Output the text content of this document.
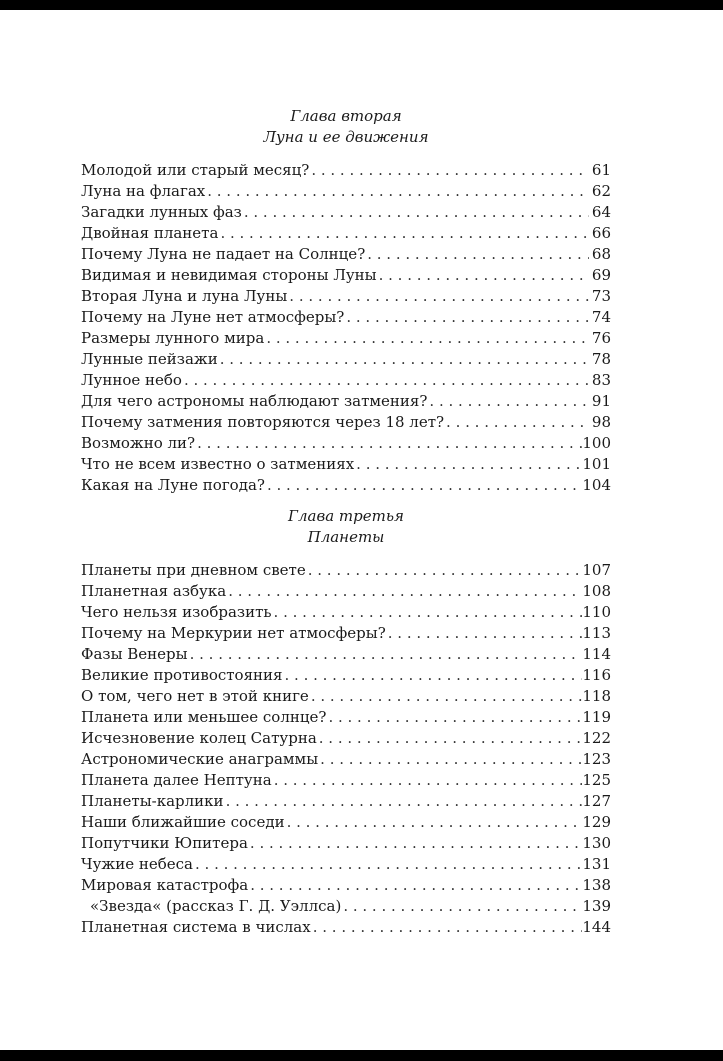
Глава вторая
Луна и ее движения
Молодой или старый месяц? . . .	61
Луна на флагах . . .	62
Загадки лунных фаз . . .	64
Двойная планета . . .	66
Почему Луна не падает на Солнце? . . .	68
Видимая и невидимая стороны Луны . . .	69
Вторая Луна и луна Луны . . .	73
Почему на Луне нет атмосферы? . . .	74
Размеры лунного мира . . .	76
Лунные пейзажи . . .	78
Лунное небо . . .	83
Для чего астрономы наблюдают затмения? . . .	91
Почему затмения повторяются через 18 лет? . . .	98
Возможно ли? . . .	100
Что не всем известно о затмениях . . .	101
Какая на Луне погода? . . .	104
Глава третья
Планеты
Планеты при дневном свете . . .	107
Планетная азбука . . .	108
Чего нельзя изобразить . . .	110
Почему на Меркурии нет атмосферы? . . .	113
Фазы Венеры . . .	114
Великие противостояния . . .	116
О том, чего нет в этой книге . . .	118
Планета или меньшее солнце? . . .	119
Исчезновение колец Сатурна . . .	122
Астрономические анаграммы . . .	123
Планета далее Нептуна . . .	125
Планеты-карлики . . .	127
Наши ближайшие соседи . . .	129
Попутчики Юпитера . . .	130
Чужие небеса . . .	131
Мировая катастрофа . . .	138
«Звезда« (рассказ Г. Д. Уэллса) . . .	139
Планетная система в числах . . .	144
